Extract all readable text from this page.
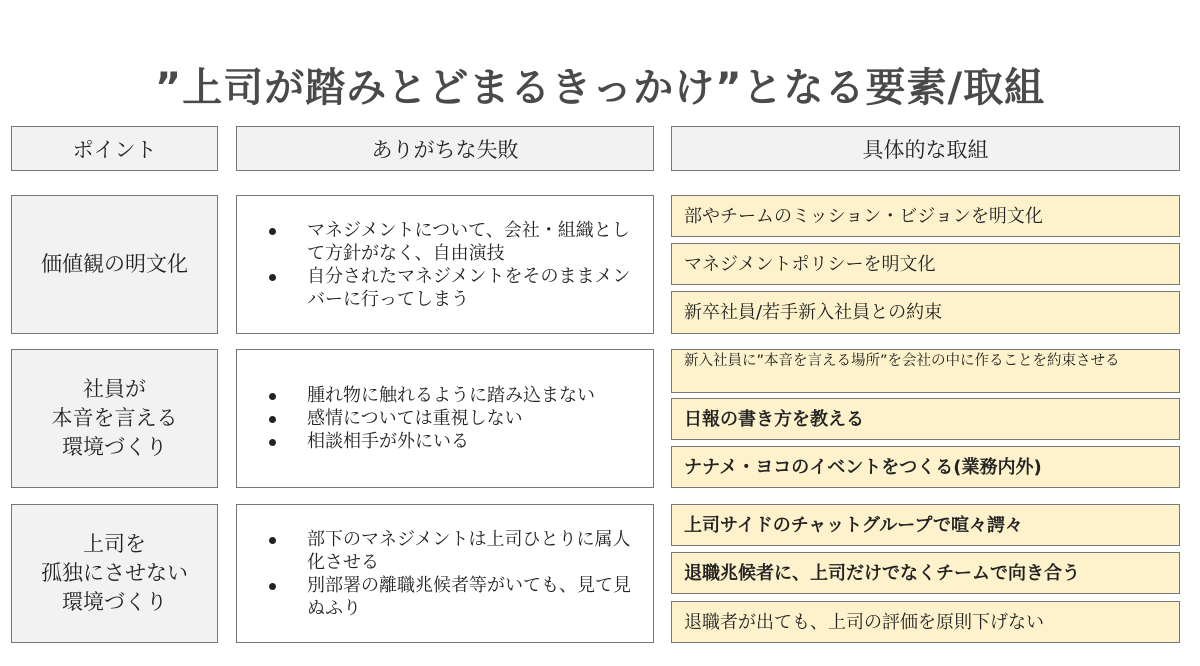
”上司が踏みとどまるきっかけ”となる要素/取組
ポイント	ありがちな失敗	具体的な取組
価値観の明文化
マネジメントについて、会社・組織として方針がなく、自由演技
自分されたマネジメントをそのままメンバーに行ってしまう
部やチームのミッション・ビジョンを明文化
マネジメントポリシーを明文化
新卒社員/若手新入社員との約束
社員が
本音を言える
環境づくり
腫れ物に触れるように踏み込まない
感情については重視しない
相談相手が外にいる
新入社員に”本音を言える場所”を会社の中に作ることを約束させる
日報の書き方を教える
ナナメ・ヨコのイベントをつくる(業務内外)
上司を
孤独にさせない
環境づくり
部下のマネジメントは上司ひとりに属人化させる
別部署の離職兆候者等がいても、見て見ぬふり
上司サイドのチャットグループで喧々諤々
退職兆候者に、上司だけでなくチームで向き合う
退職者が出ても、上司の評価を原則下げない
